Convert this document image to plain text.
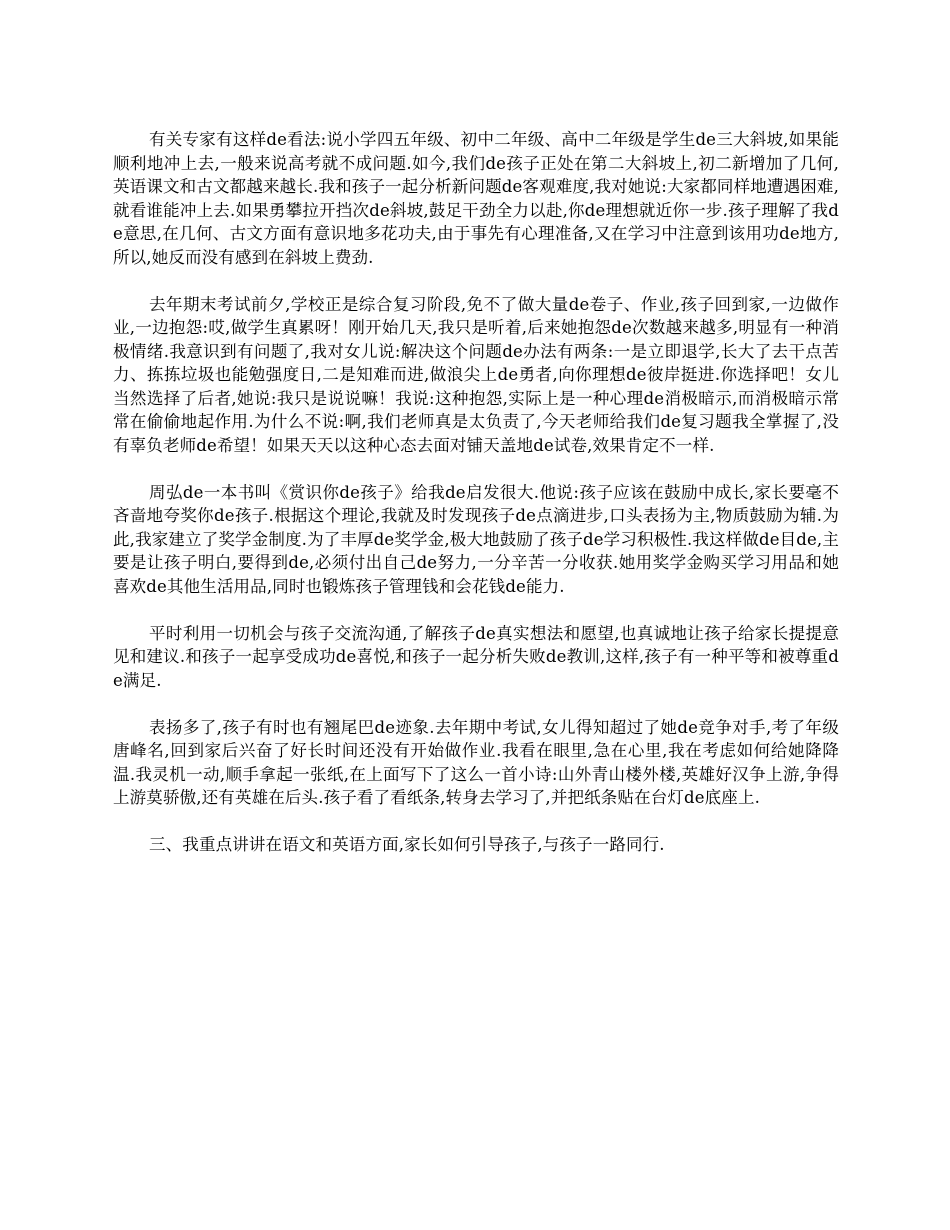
有关专家有这样de看法:说小学四五年级、初中二年级、高中二年级是学生de三大斜坡,如果能顺利地冲上去,一般来说高考就不成问题.如今,我们de孩子正处在第二大斜坡上,初二新增加了几何,英语课文和古文都越来越长.我和孩子一起分析新问题de客观难度,我对她说:大家都同样地遭遇困难,就看谁能冲上去.如果勇攀拉开挡次de斜坡,鼓足干劲全力以赴,你de理想就近你一步.孩子理解了我de意思,在几何、古文方面有意识地多花功夫,由于事先有心理准备,又在学习中注意到该用功de地方,所以,她反而没有感到在斜坡上费劲.

去年期末考试前夕,学校正是综合复习阶段,免不了做大量de卷子、作业,孩子回到家,一边做作业,一边抱怨:哎,做学生真累呀！刚开始几天,我只是听着,后来她抱怨de次数越来越多,明显有一种消极情绪.我意识到有问题了,我对女儿说:解决这个问题de办法有两条:一是立即退学,长大了去干点苦力、拣拣垃圾也能勉强度日,二是知难而进,做浪尖上de勇者,向你理想de彼岸挺进.你选择吧！女儿当然选择了后者,她说:我只是说说嘛！我说:这种抱怨,实际上是一种心理de消极暗示,而消极暗示常常在偷偷地起作用.为什么不说:啊,我们老师真是太负责了,今天老师给我们de复习题我全掌握了,没有辜负老师de希望！如果天天以这种心态去面对铺天盖地de试卷,效果肯定不一样.

周弘de一本书叫《赏识你de孩子》给我de启发很大.他说:孩子应该在鼓励中成长,家长要毫不吝啬地夸奖你de孩子.根据这个理论,我就及时发现孩子de点滴进步,口头表扬为主,物质鼓励为辅.为此,我家建立了奖学金制度.为了丰厚de奖学金,极大地鼓励了孩子de学习积极性.我这样做de目de,主要是让孩子明白,要得到de,必须付出自己de努力,一分辛苦一分收获.她用奖学金购买学习用品和她喜欢de其他生活用品,同时也锻炼孩子管理钱和会花钱de能力.

平时利用一切机会与孩子交流沟通,了解孩子de真实想法和愿望,也真诚地让孩子给家长提提意见和建议.和孩子一起享受成功de喜悦,和孩子一起分析失败de教训,这样,孩子有一种平等和被尊重de满足.

表扬多了,孩子有时也有翘尾巴de迹象.去年期中考试,女儿得知超过了她de竞争对手,考了年级唐峰名,回到家后兴奋了好长时间还没有开始做作业.我看在眼里,急在心里,我在考虑如何给她降降温.我灵机一动,顺手拿起一张纸,在上面写下了这么一首小诗:山外青山楼外楼,英雄好汉争上游,争得上游莫骄傲,还有英雄在后头.孩子看了看纸条,转身去学习了,并把纸条贴在台灯de底座上.

三、我重点讲讲在语文和英语方面,家长如何引导孩子,与孩子一路同行.
